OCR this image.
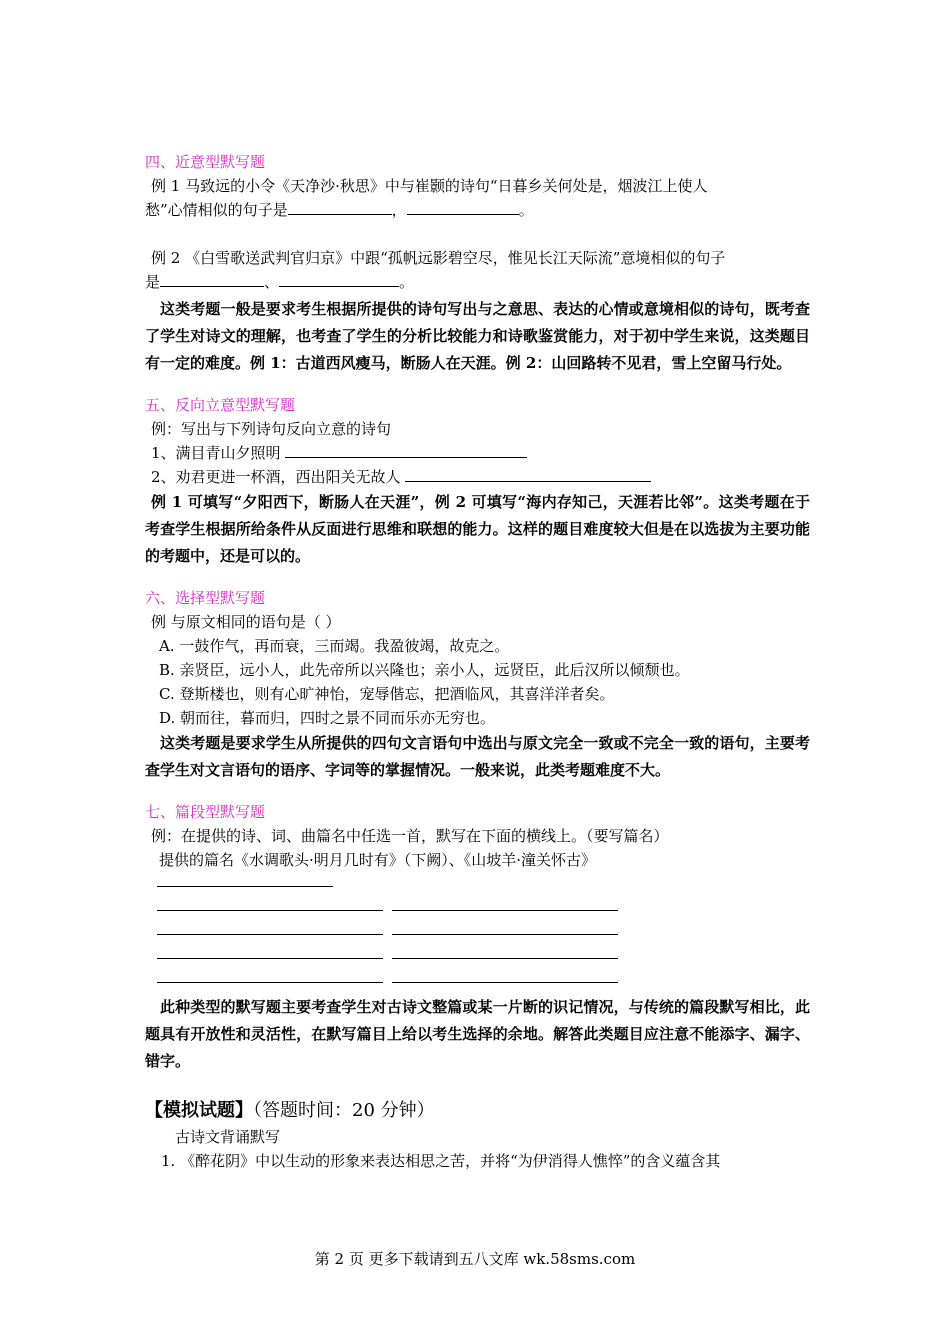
四、近意型默写题
例 1 马致远的小令《天净沙·秋思》中与崔颢的诗句“日暮乡关何处是，烟波江上使人
愁”心情相似的句子是	，	。
例 2 《白雪歌送武判官归京》中跟“孤帆远影碧空尽，惟见长江天际流”意境相似的句子
是	、	。
这类考题一般是要求考生根据所提供的诗句写出与之意思、表达的心情或意境相似的诗句，既考查了学生对诗文的理解，也考查了学生的分析比较能力和诗歌鉴赏能力，对于初中学生来说，这类题目有一定的难度。例 1：古道西风瘦马，断肠人在天涯。例 2：山回路转不见君，雪上空留马行处。
五、反向立意型默写题
例：写出与下列诗句反向立意的诗句
1、满目青山夕照明
2、劝君更进一杯酒，西出阳关无故人
例 1 可填写“夕阳西下，断肠人在天涯”，例 2 可填写“海内存知己，天涯若比邻”。这类考题在于考查学生根据所给条件从反面进行思维和联想的能力。这样的题目难度较大但是在以选拔为主要功能的考题中，还是可以的。
六、选择型默写题
例 与原文相同的语句是（ ）
A. 一鼓作气，再而衰，三而竭。我盈彼竭，故克之。
B. 亲贤臣，远小人，此先帝所以兴隆也；亲小人，远贤臣，此后汉所以倾颓也。
C. 登斯楼也，则有心旷神怡，宠辱偕忘，把酒临风，其喜洋洋者矣。
D. 朝而往，暮而归，四时之景不同而乐亦无穷也。
这类考题是要求学生从所提供的四句文言语句中选出与原文完全一致或不完全一致的语句，主要考查学生对文言语句的语序、字词等的掌握情况。一般来说，此类考题难度不大。
七、篇段型默写题
例：在提供的诗、词、曲篇名中任选一首，默写在下面的横线上。（要写篇名）
提供的篇名《水调歌头·明月几时有》（下阙）、《山坡羊·潼关怀古》

此种类型的默写题主要考查学生对古诗文整篇或某一片断的识记情况，与传统的篇段默写相比，此题具有开放性和灵活性，在默写篇目上给以考生选择的余地。解答此类题目应注意不能添字、漏字、错字。
【模拟试题】（答题时间：20 分钟）
古诗文背诵默写
1. 《醉花阴》中以生动的形象来表达相思之苦，并将“为伊消得人憔悴”的含义蕴含其
第 2 页 更多下载请到五八文库 wk.58sms.com
